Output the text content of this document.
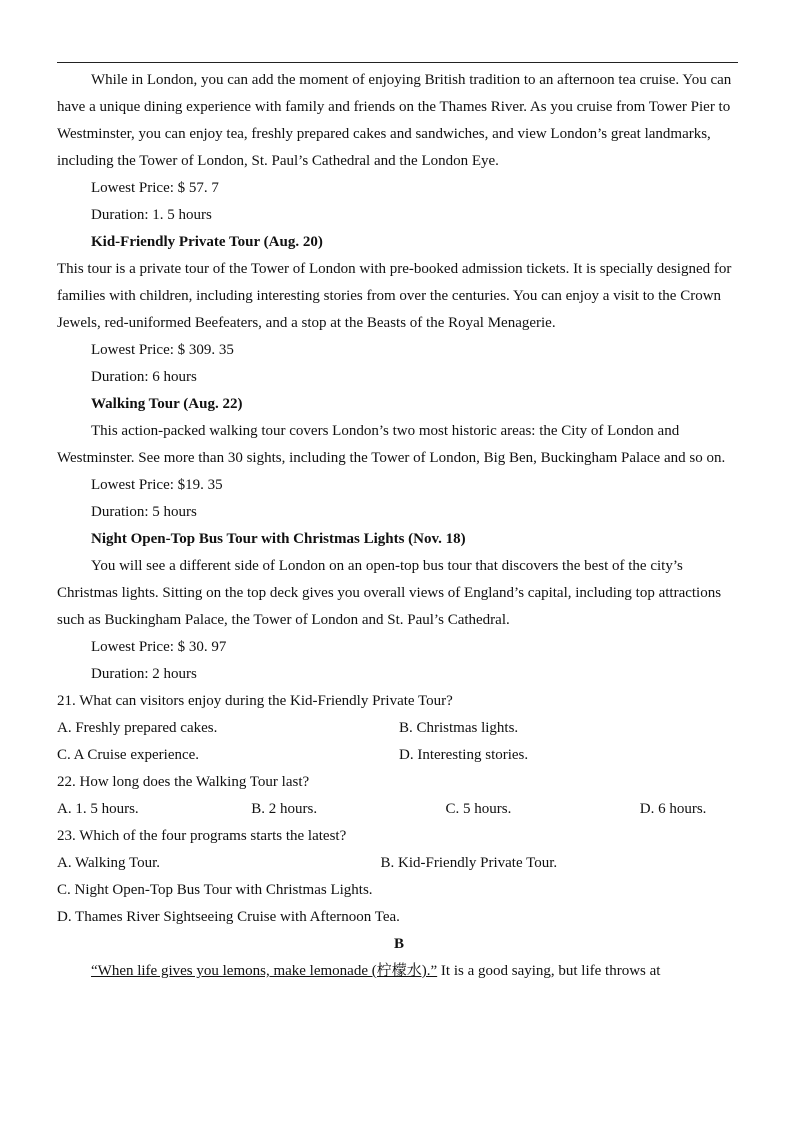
While in London, you can add the moment of enjoying British tradition to an afternoon tea cruise. You can have a unique dining experience with family and friends on the Thames River. As you cruise from Tower Pier to Westminster, you can enjoy tea, freshly prepared cakes and sandwiches, and view London’s great landmarks, including the Tower of London, St. Paul’s Cathedral and the London Eye.

Lowest Price: $ 57. 7

Duration: 1. 5 hours

Kid-Friendly Private Tour (Aug. 20)

This tour is a private tour of the Tower of London with pre-booked admission tickets. It is specially designed for families with children, including interesting stories from over the centuries. You can enjoy a visit to the Crown Jewels, red-uniformed Beefeaters, and a stop at the Beasts of the Royal Menagerie.

Lowest Price: $ 309. 35

Duration: 6 hours

Walking Tour (Aug. 22)

This action-packed walking tour covers London’s two most historic areas: the City of London and Westminster. See more than 30 sights, including the Tower of London, Big Ben, Buckingham Palace and so on.

Lowest Price: $19. 35

Duration: 5 hours

Night Open-Top Bus Tour with Christmas Lights (Nov. 18)

You will see a different side of London on an open-top bus tour that discovers the best of the city’s Christmas lights. Sitting on the top deck gives you overall views of England’s capital, including top attractions such as Buckingham Palace, the Tower of London and St. Paul’s Cathedral.

Lowest Price: $ 30. 97

Duration: 2 hours

21. What can visitors enjoy during the Kid-Friendly Private Tour?

A. Freshly prepared cakes.	B. Christmas lights.
C. A Cruise experience.	D. Interesting stories.

22. How long does the Walking Tour last?

A. 1. 5 hours.	B. 2 hours.	C. 5 hours.	D. 6 hours.

23. Which of the four programs starts the latest?

A. Walking Tour.	B. Kid-Friendly Private Tour.

C. Night Open-Top Bus Tour with Christmas Lights.

D. Thames River Sightseeing Cruise with Afternoon Tea.

B

“When life gives you lemons, make lemonade (柠檬水).” It is a good saying, but life throws at
